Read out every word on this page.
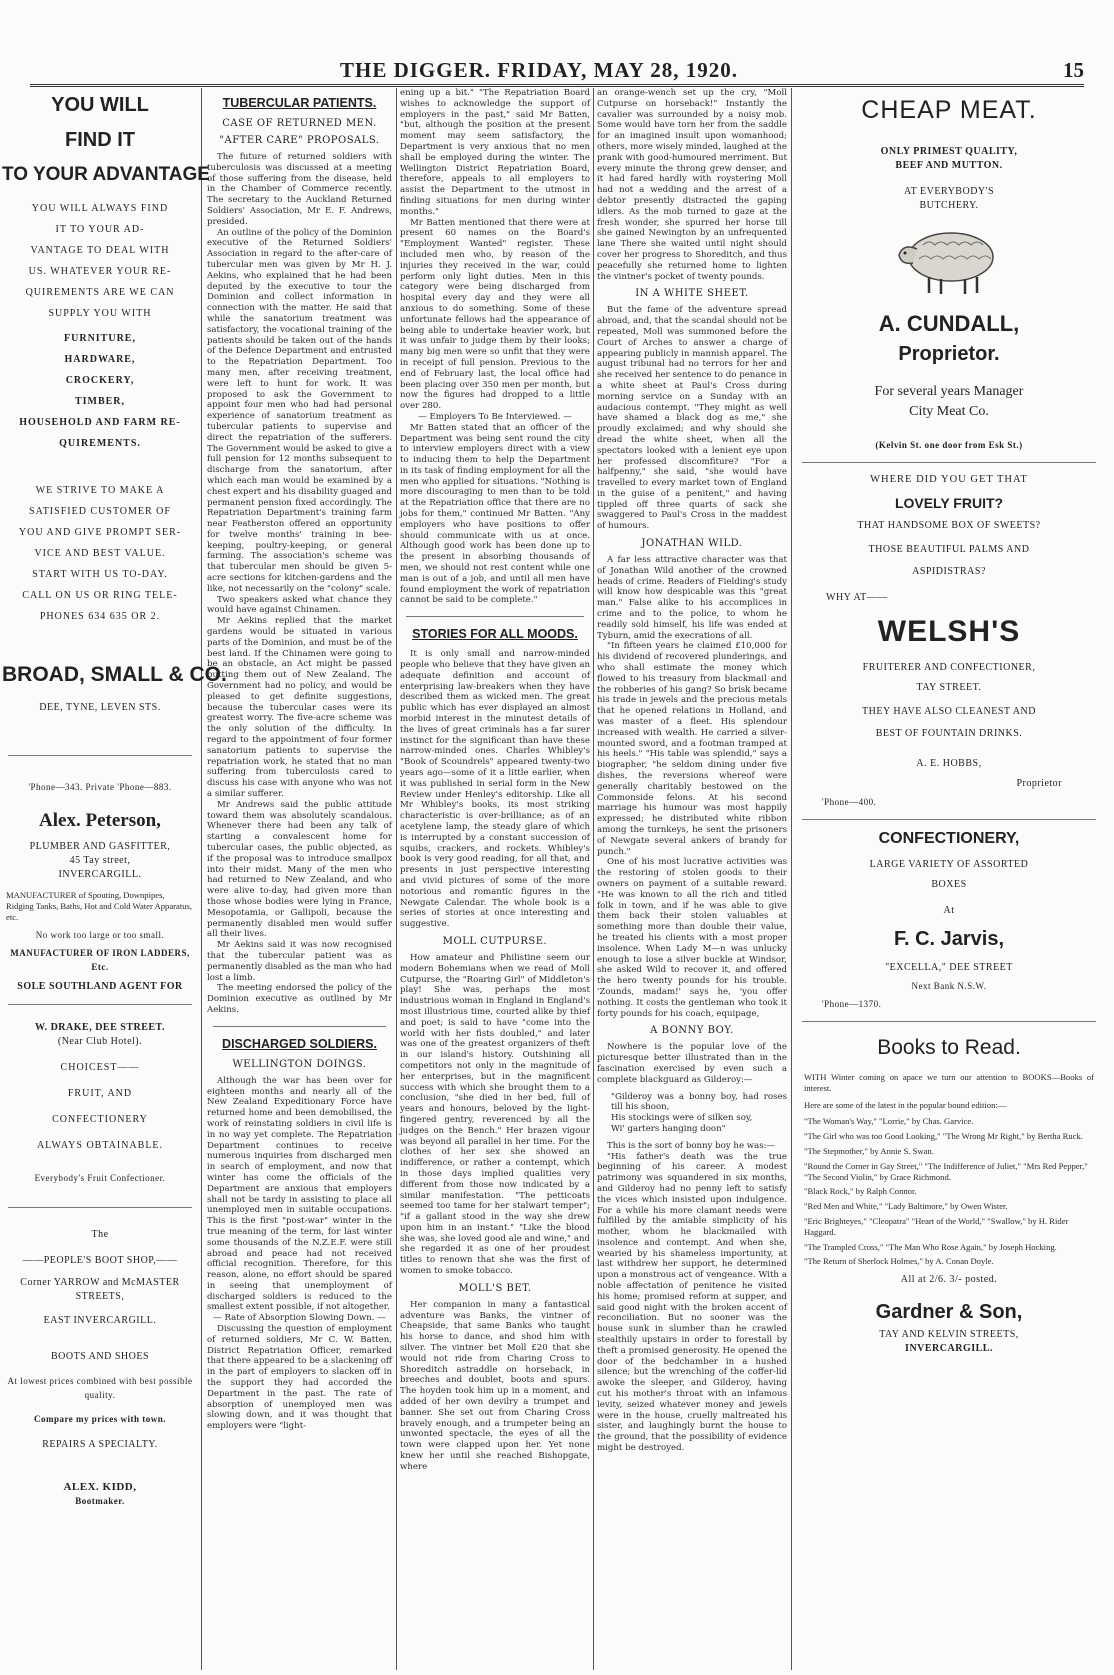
THE DIGGER. FRIDAY, MAY 28, 1920.	15
YOU WILL
FIND IT
TO YOUR ADVANTAGE
YOU WILL ALWAYS FIND
IT TO YOUR AD-
VANTAGE TO DEAL WITH
US. WHATEVER YOUR RE-
QUIREMENTS ARE WE CAN
SUPPLY YOU WITH
FURNITURE,
HARDWARE,
CROCKERY,
TIMBER,
HOUSEHOLD AND FARM RE-
QUIREMENTS.
WE STRIVE TO MAKE A
SATISFIED CUSTOMER OF
YOU AND GIVE PROMPT SER-
VICE AND BEST VALUE.
START WITH US TO-DAY.
CALL ON US OR RING TELE-
PHONES 634 635 OR 2.
BROAD, SMALL & CO.
DEE, TYNE, LEVEN STS.
'Phone—343. Private 'Phone—883.
Alex. Peterson,
PLUMBER AND GASFITTER,
45 Tay street,
INVERCARGILL.
MANUFACTURER of Spouting, Downpipes, Ridging Tanks, Baths, Hot and Cold Water Apparatus, etc.
No work too large or too small.
MANUFACTURER OF IRON LADDERS, Etc.
SOLE SOUTHLAND AGENT FOR
W. DRAKE, DEE STREET.
(Near Club Hotel).
CHOICEST——
FRUIT, AND
CONFECTIONERY
ALWAYS OBTAINABLE.
Everybody's Fruit Confectioner.
The
——PEOPLE'S BOOT SHOP,——
Corner YARROW and McMASTER
STREETS,
EAST INVERCARGILL.
BOOTS AND SHOES
At lowest prices combined with best possible quality.
Compare my prices with town.
REPAIRS A SPECIALTY.
ALEX. KIDD,
Bootmaker.
TUBERCULAR PATIENTS.
CASE OF RETURNED MEN.
"AFTER CARE" PROPOSALS.

The future of returned soldiers with tuberculosis was discussed at a meeting of those suffering from the disease, held in the Chamber of Commerce recently. The secretary to the Auckland Returned Soldiers' Association, Mr E. F. Andrews, presided.

An outline of the policy of the Dominion executive of the Returned Soldiers' Association in regard to the after-care of tubercular men was given by Mr H. J. Aekins, who explained that he had been deputed by the executive to tour the Dominion and collect information in connection with the matter. He said that while the sanatorium treatment was satisfactory, the vocational training of the patients should be taken out of the hands of the Defence Department and entrusted to the Repatriation Department. Too many men, after receiving treatment, were left to hunt for work. It was proposed to ask the Government to appoint four men who had had personal experience of sanatorium treatment as tubercular patients to supervise and direct the repatriation of the sufferers. The Government would be asked to give a full pension for 12 months subsequent to discharge from the sanatorium, after which each man would be examined by a chest expert and his disability guaged and permanent pension fixed accordingly. The Repatriation Department's training farm near Featherston offered an opportunity for twelve months' training in bee-keeping, poultry-keeping, or general farming. The association's scheme was that tubercular men should be given 5-acre sections for kitchen-gardens and the like, not necessarily on the "colony" scale.

Two speakers asked what chance they would have against Chinamen.

Mr Aekins replied that the market gardens would be situated in various parts of the Dominion, and must be of the best land. If the Chinamen were going to be an obstacle, an Act might be passed putting them out of New Zealand. The Government had no policy, and would be pleased to get definite suggestions, because the tubercular cases were its greatest worry. The five-acre scheme was the only solution of the difficulty. In regard to the appointment of four former sanatorium patients to supervise the repatriation work, he stated that no man suffering from tuberculosis cared to discuss his case with anyone who was not a similar sufferer.

Mr Andrews said the public attitude toward them was absolutely scandalous. Whenever there had been any talk of starting a convalescent home for tubercular cases, the public objected, as if the proposal was to introduce smallpox into their midst. Many of the men who had returned to New Zealand, and who were alive to-day, had given more than those whose bodies were lying in France, Mesopotamia, or Gallipoli, because the permanently disabled men would suffer all their lives.

Mr Aekins said it was now recognised that the tubercular patient was as permanently disabled as the man who had lost a limb.

The meeting endorsed the policy of the Dominion executive as outlined by Mr Aekins.

DISCHARGED SOLDIERS.
WELLINGTON DOINGS.

Although the war has been over for eighteen months and nearly all of the New Zealand Expeditionary Force have returned home and been demobilised, the work of reinstating soldiers in civil life is in no way yet complete. The Repatriation Department continues to receive numerous inquiries from discharged men in search of employment, and now that winter has come the officials of the Department are anxious that employers shall not be tardy in assisting to place all unemployed men in suitable occupations. This is the first "post-war" winter in the true meaning of the term, for last winter some thousands of the N.Z.E.F. were still abroad and peace had not received official recognition. Therefore, for this reason, alone, no effort should be spared in seeing that unemployment of discharged soldiers is reduced to the smallest extent possible, if not altogether.

— Rate of Absorption Slowing Down. —

Discussing the question of employment of returned soldiers, Mr C. W. Batten, District Repatriation Officer, remarked that there appeared to be a slackening off in the part of employers to slacken off in the support they had accorded the Department in the past. The rate of absorption of unemployed men was slowing down, and it was thought that employers were "light-

ening up a bit." "The Repatriation Board wishes to acknowledge the support of employers in the past," said Mr Batten, "but, although the position at the present moment may seem satisfactory, the Department is very anxious that no men shall be employed during the winter. The Wellington District Repatriation Board, therefore, appeals to all employers to assist the Department to the utmost in finding situations for men during winter months."

Mr Batten mentioned that there were at present 60 names on the Board's "Employment Wanted" register. These included men who, by reason of the injuries they received in the war, could perform only light duties. Men in this category were being discharged from hospital every day and they were all anxious to do something. Some of these unfortunate fellows had the appearance of being able to undertake heavier work, but it was unfair to judge them by their looks; many big men were so unfit that they were in receipt of full pension. Previous to the end of February last, the local office had been placing over 350 men per month, but now the figures had dropped to a little over 280.

— Employers To Be Interviewed. —

Mr Batten stated that an officer of the Department was being sent round the city to interview employers direct with a view to inducing them to help the Department in its task of finding employment for all the men who applied for situations. "Nothing is more discouraging to men than to be told at the Repatriation office that there are no jobs for them," continued Mr Batten. "Any employers who have positions to offer should communicate with us at once. Although good work has been done up to the present in absorbing thousands of men, we should not rest content while one man is out of a job, and until all men have found employment the work of repatriation cannot be said to be complete."

STORIES FOR ALL MOODS.

It is only small and narrow-minded people who believe that they have given an adequate definition and account of enterprising law-breakers when they have described them as wicked men. The great public which has ever displayed an almost morbid interest in the minutest details of the lives of great criminals has a far surer instinct for the significant than have these narrow-minded ones. Charles Whibley's "Book of Scoundrels" appeared twenty-two years ago—some of it a little earlier, when it was published in serial form in the New Review under Henley's editorship. Like all Mr Whibley's books, its most striking characteristic is over-brilliance; as of an acetylene lamp, the steady glare of which is interrupted by a constant succession of squibs, crackers, and rockets. Whibley's book is very good reading, for all that, and presents in just perspective interesting and vivid pictures of some of the more notorious and romantic figures in the Newgate Calendar. The whole book is a series of stories at once interesting and suggestive.

MOLL CUTPURSE.

How amateur and Philistine seem our modern Bohemians when we read of Moll Cutpurse, the "Roaring Girl" of Middleton's play! She was, perhaps the most industrious woman in England in England's most illustrious time, courted alike by thief and poet; is said to have "come into the world with her fists doubled," and later was one of the greatest organizers of theft in our island's history. Outshining all competitors not only in the magnitude of her enterprises, but in the magnificent success with which she brought them to a conclusion, "she died in her bed, full of years and honours, beloved by the light-fingered gentry, reverenced by all the judges on the Bench." Her brazen vigour was beyond all parallel in her time. For the clothes of her sex she showed an indifference, or rather a contempt, which in those days implied qualities very different from those now indicated by a similar manifestation. "The petticoats seemed too tame for her stalwart temper"; "if a gallant stood in the way she drew upon him in an instant." "Like the blood she was, she loved good ale and wine," and she regarded it as one of her proudest titles to renown that she was the first of women to smoke tobacco.

MOLL'S BET.

Her companion in many a fantastical adventure was Banks, the vintner of Cheapside, that same Banks who taught his horse to dance, and shod him with silver. The vintner bet Moll £20 that she would not ride from Charing Cross to Shoreditch astraddle on horseback, in breeches and doublet, boots and spurs. The hoyden took him up in a moment, and added of her own devilry a trumpet and banner. She set out from Charing Cross bravely enough, and a trumpeter being an unwonted spectacle, the eyes of all the town were clapped upon her. Yet none knew her until she reached Bishopgate, where

an orange-wench set up the cry, "Moll Cutpurse on horseback!" Instantly the cavalier was surrounded by a noisy mob. Some would have torn her from the saddle for an imagined insult upon womanhood; others, more wisely minded, laughed at the prank with good-humoured merriment. But every minute the throng grew denser, and it had fared hardly with roystering Moll had not a wedding and the arrest of a debtor presently distracted the gaping idlers. As the mob turned to gaze at the fresh wonder, she spurred her horse till she gained Newington by an unfrequented lane There she waited until night should cover her progress to Shoreditch, and thus peacefully she returned home to lighten the vintner's pocket of twenty pounds.

IN A WHITE SHEET.

But the fame of the adventure spread abroad, and, that the scandal should not be repeated, Moll was summoned before the Court of Arches to answer a charge of appearing publicly in mannish apparel. The august tribunal had no terrors for her and she received her sentence to do penance in a white sheet at Paul's Cross during morning service on a Sunday with an audacious contempt. "They might as well have shamed a black dog as me," she proudly exclaimed; and why should she dread the white sheet, when all the spectators looked with a lenient eye upon her professed discomfiture? "For a halfpenny," she said, "she would have travelled to every market town of England in the guise of a penitent," and having tippled off three quarts of sack she swaggered to Paul's Cross in the maddest of humours.

JONATHAN WILD.

A far less attractive character was that of Jonathan Wild another of the crowned heads of crime. Readers of Fielding's study will know how despicable was this "great man." False alike to his accomplices in crime and to the police, to whom he readily sold himself, his life was ended at Tyburn, amid the execrations of all.

"In fifteen years he claimed £10,000 for his dividend of recovered plunderings, and who shall estimate the money which flowed to his treasury from blackmail and the robberies of his gang? So brisk became his trade in jewels and the precious metals that he opened relations in Holland, and was master of a fleet. His splendour increased with wealth. He carried a silver-mounted sword, and a footman tramped at his heels." "His table was splendid," says a biographer, "he seldom dining under five dishes, the reversions whereof were generally charitably bestowed on the Commonside felons. At his second marriage his humour was most happily expressed; he distributed white ribbon among the turnkeys, he sent the prisoners of Newgate several ankers of brandy for punch."

One of his most lucrative activities was the restoring of stolen goods to their owners on payment of a suitable reward. "He was known to all the rich and titled folk in town, and if he was able to give them back their stolen valuables at something more than double their value, he treated his clients with a most proper insolence. When Lady M—n was unlucky enough to lose a silver buckle at Windsor, she asked Wild to recover it, and offered the hero twenty pounds for his trouble. 'Zounds, madam!' says he, 'you offer nothing. It costs the gentleman who took it forty pounds for his coach, equipage,

A BONNY BOY.

Nowhere is the popular love of the picturesque better illustrated than in the fascination exercised by even such a complete blackguard as Gilderoy:—

"Gilderoy was a bonny boy, had roses till his shoon,
His stockings were of silken soy,
Wi' garters hanging doon"

This is the sort of bonny boy he was:—

"His father's death was the true beginning of his career. A modest patrimony was squandered in six months, and Gilderoy had no penny left to satisfy the vices which insisted upon indulgence. For a while his more clamant needs were fulfilled by the amiable simplicity of his mother, whom he blackmailed with insolence and contempt. And when she, wearied by his shameless importunity, at last withdrew her support, he determined upon a monstrous act of vengeance. With a noble affectation of penitence he visited his home; promised reform at supper, and said good night with the broken accent of reconciliation. But no sooner was the house sunk in slumber than he crawled stealthily upstairs in order to forestall by theft a promised generosity. He opened the door of the bedchamber in a hushed silence; but the wrenching of the coffer-lid awoke the sleeper, and Gilderoy, having cut his mother's throat with an infamous levity, seized whatever money and jewels were in the house, cruelly maltreated his sister, and laughingly burnt the house to the ground, that the possibility of evidence might be destroyed.

CHEAP MEAT.
ONLY PRIMEST QUALITY,
BEEF AND MUTTON.
AT EVERYBODY'S
BUTCHERY.
A. CUNDALL,
Proprietor.
For several years Manager
City Meat Co.
(Kelvin St. one door from Esk St.)
WHERE DID YOU GET THAT
LOVELY FRUIT?
THAT HANDSOME BOX OF SWEETS?
THOSE BEAUTIFUL PALMS AND
ASPIDISTRAS?
WHY AT——
WELSH'S
FRUITERER AND CONFECTIONER,
TAY STREET.
THEY HAVE ALSO CLEANEST AND
BEST OF FOUNTAIN DRINKS.
A. E. HOBBS,
Proprietor
'Phone—400.
CONFECTIONERY,
LARGE VARIETY OF ASSORTED
BOXES
At
F. C. Jarvis,
"EXCELLA," DEE STREET
Next Bank N.S.W.
'Phone—1370.
Books to Read.
WITH Winter coming on apace we turn our attention to BOOKS—Books of interest.
Here are some of the latest in the popular bound edition:—
"The Woman's Way," "Lorrie," by Chas. Garvice.
"The Girl who was too Good Looking," "The Wrong Mr Right," by Bertha Ruck.
"The Stepmother," by Annie S. Swan.
"Round the Corner in Gay Street," "The Indifference of Juliet," "Mrs Red Pepper," "The Second Violin," by Grace Richmond.
"Black Rock," by Ralph Connor.
"Red Men and White," "Lady Baltimore," by Owen Wister.
"Eric Brighteyes," "Cleopatra" "Heart of the World," "Swallow," by H. Rider Haggard.
"The Trampled Cross," "The Man Who Rose Again," by Joseph Hocking.
"The Return of Sherlock Holmes," by A. Conan Doyle.
All at 2/6. 3/- posted.
Gardner & Son,
TAY AND KELVIN STREETS,
INVERCARGILL.
